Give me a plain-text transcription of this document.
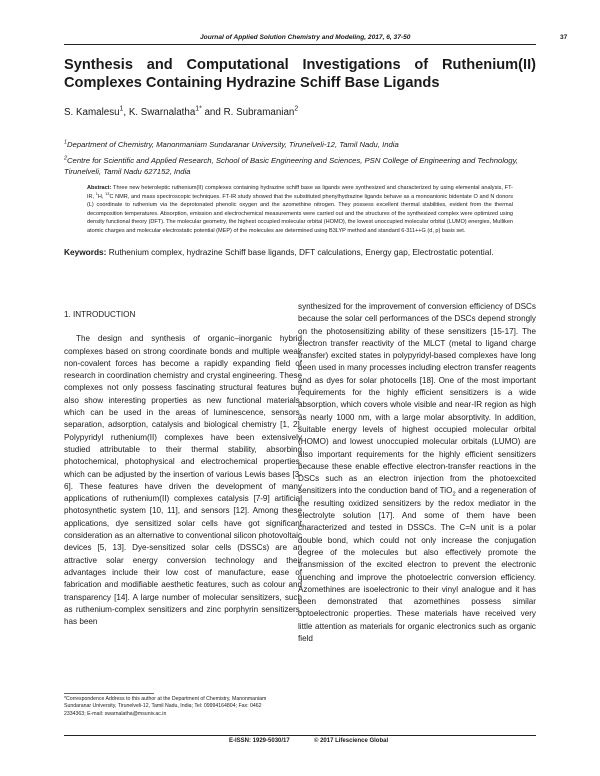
Journal of Applied Solution Chemistry and Modeling, 2017, 6, 37-50	37
Synthesis and Computational Investigations of Ruthenium(II) Complexes Containing Hydrazine Schiff Base Ligands
S. Kamalesu$^1$, K. Swarnalatha$^{1*}$ and R. Subramanian$^2$
$^1$Department of Chemistry, Manonmaniam Sundaranar University, Tirunelveli-12, Tamil Nadu, India
$^2$Centre for Scientific and Applied Research, School of Basic Engineering and Sciences, PSN College of Engineering and Technology, Tirunelveli, Tamil Nadu 627152, India
Abstract: Three new heteroleptic ruthenium(II) complexes containing hydrazine schiff base as ligands were synthesized and characterized by using elemental analysis, FT-IR, $^1$H, $^{13}$C NMR, and mass spectroscopic techniques. FT-IR study showed that the substituted phenylhydrazine ligands behave as a monoanionic bidentate O and N donors (L) coordinate to ruthenium via the deprotonated phenolic oxygen and the azomethine nitrogen. They possess excellent thermal stabilities, evident from the thermal decomposition temperatures. Absorption, emission and electrochemical measurements were carried out and the structures of the synthesized complex were optimized using density functional theory (DFT). The molecular geometry, the highest occupied molecular orbital (HOMO), the lowest unoccupied molecular orbital (LUMO) energies, Mulliken atomic charges and molecular electrostatic potential (MEP) of the molecules are determined using B3LYP method and standard 6-311++G (d, p) basis set.
Keywords: Ruthenium complex, hydrazine Schiff base ligands, DFT calculations, Energy gap, Electrostatic potential.
1. INTRODUCTION
The design and synthesis of organic–inorganic hybrid complexes based on strong coordinate bonds and multiple weak non-covalent forces has become a rapidly expanding field of research in coordination chemistry and crystal engineering. These complexes not only possess fascinating structural features but also show interesting properties as new functional materials, which can be used in the areas of luminescence, sensors, separation, adsorption, catalysis and biological chemistry [1, 2]. Polypyridyl ruthenium(II) complexes have been extensively studied attributable to their thermal stability, absorbing photochemical, photophysical and electrochemical properties, which can be adjusted by the insertion of various Lewis bases [3-6]. These features have driven the development of many applications of ruthenium(II) complexes catalysis [7-9] artificial photosynthetic system [10, 11], and sensors [12]. Among these applications, dye sensitized solar cells have got significant consideration as an alternative to conventional silicon photovoltaic devices [5, 13]. Dye-sensitized solar cells (DSSCs) are an attractive solar energy conversion technology and their advantages include their low cost of manufacture, ease of fabrication and modifiable aesthetic features, such as colour and transparency [14]. A large number of molecular sensitizers, such as ruthenium-complex sensitizers and zinc porphyrin sensitizers, has been
synthesized for the improvement of conversion efficiency of DSCs because the solar cell performances of the DSCs depend strongly on the photosensitizing ability of these sensitizers [15-17]. The electron transfer reactivity of the MLCT (metal to ligand charge transfer) excited states in polypyridyl-based complexes have long been used in many processes including electron transfer reagents and as dyes for solar photocells [18]. One of the most important requirements for the highly efficient sensitizers is a wide absorption, which covers whole visible and near-IR region as high as nearly 1000 nm, with a large molar absorptivity. In addition, suitable energy levels of highest occupied molecular orbital (HOMO) and lowest unoccupied molecular orbitals (LUMO) are also important requirements for the highly efficient sensitizers because these enable effective electron-transfer reactions in the DSCs such as an electron injection from the photoexcited sensitizers into the conduction band of TiO$_2$ and a regeneration of the resulting oxidized sensitizers by the redox mediator in the electrolyte solution [17]. And some of them have been characterized and tested in DSSCs. The C=N unit is a polar double bond, which could not only increase the conjugation degree of the molecules but also effectively promote the transmission of the excited electron to prevent the electronic quenching and improve the photoelectric conversion efficiency. Azomethines are isoelectronic to their vinyl analogue and it has been demonstrated that azomethines possess similar optoelectronic properties. These materials have received very little attention as materials for organic electronics such as organic field
*Correspondence Address to this author at the Department of Chemistry, Manonmaniam Sundaranar University, Tirunelveli-12, Tamil Nadu, India; Tel: 09994164804; Fax: 0462 2334363; E-mail: swarnalatha@msuniv.ac.in
E-ISSN: 1929-5030/17	© 2017 Lifescience Global
